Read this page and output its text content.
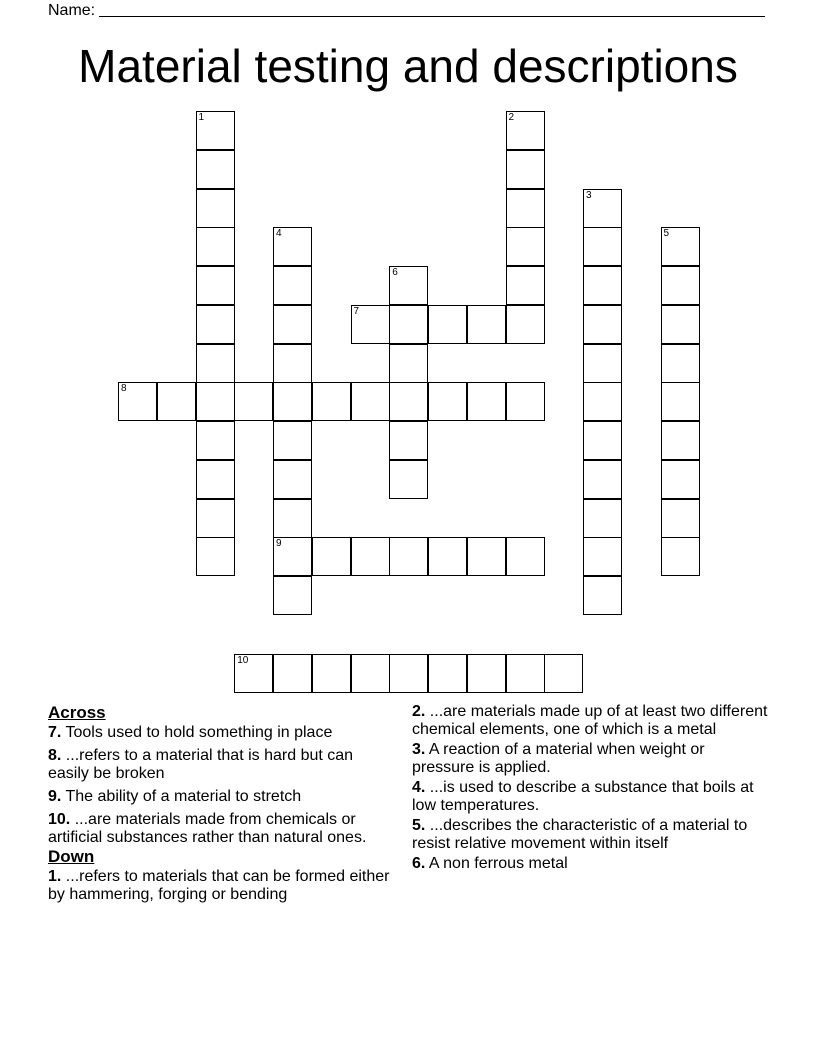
Name:
Material testing and descriptions
1	2
3
4
9
5
6
7
8
10
Across
7. Tools used to hold something in place
8. ...refers to a material that is hard but can easily be broken
9. The ability of a material to stretch
10. ...are materials made from chemicals or artificial substances rather than natural ones.
Down
1. ...refers to materials that can be formed either by hammering, forging or bending
2. ...are materials made up of at least two different chemical elements, one of which is a metal
3. A reaction of a material when weight or pressure is applied.
4. ...is used to describe a substance that boils at low temperatures.
5. ...describes the characteristic of a material to resist relative movement within itself
6. A non ferrous metal
